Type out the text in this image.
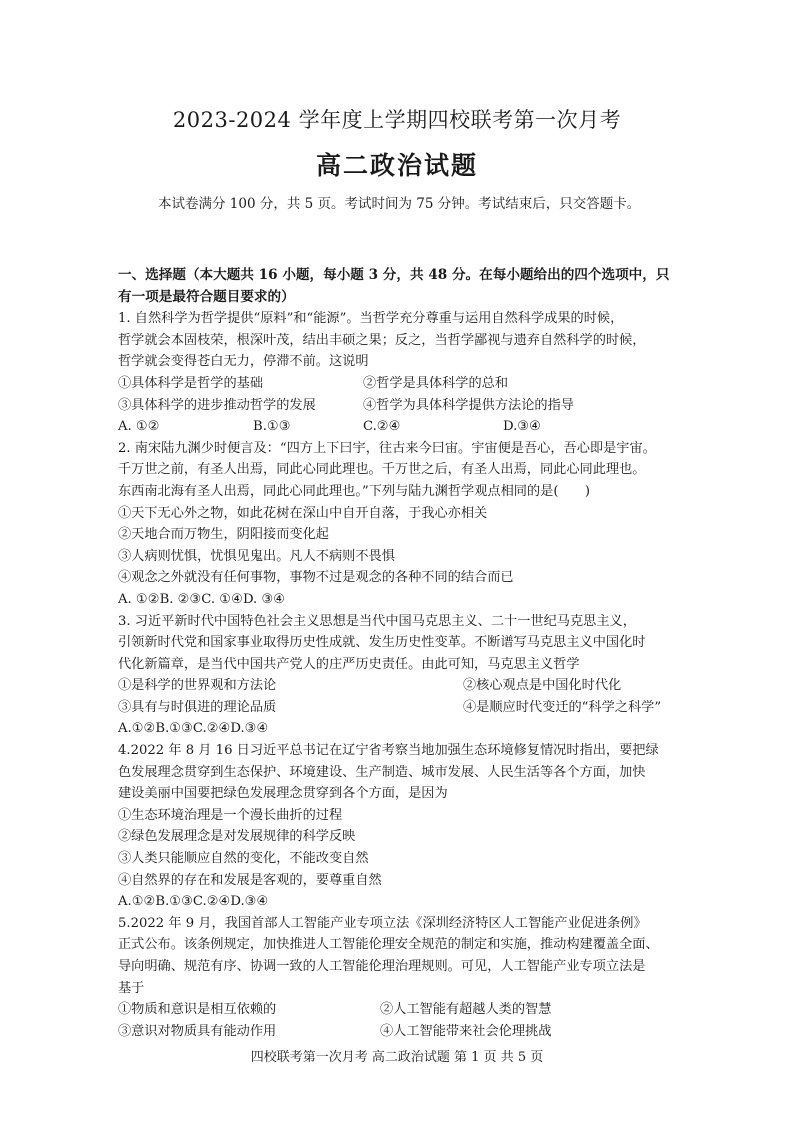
2023-2024 学年度上学期四校联考第一次月考
高二政治试题
本试卷满分 100 分，共 5 页。考试时间为 75 分钟。考试结束后，只交答题卡。
一、选择题（本大题共 16 小题，每小题 3 分，共 48 分。在每小题给出的四个选项中，只
有一项是最符合题目要求的）
1. 自然科学为哲学提供“原料”和“能源”。当哲学充分尊重与运用自然科学成果的时候，
哲学就会本固枝荣，根深叶茂，结出丰硕之果；反之，当哲学鄙视与遗弃自然科学的时候，
哲学就会变得苍白无力，停滞不前。这说明
①具体科学是哲学的基础	②哲学是具体科学的总和
③具体科学的进步推动哲学的发展	④哲学为具体科学提供方法论的指导
A. ①②	B.①③	C.②④	D.③④
2. 南宋陆九渊少时便言及：“四方上下曰宇，往古来今曰宙。宇宙便是吾心，吾心即是宇宙。
千万世之前，有圣人出焉，同此心同此理也。千万世之后，有圣人出焉，同此心同此理也。
东西南北海有圣人出焉，同此心同此理也。”下列与陆九渊哲学观点相同的是(　　)
①天下无心外之物，如此花树在深山中自开自落，于我心亦相关
②天地合而万物生，阴阳接而变化起
③人病则忧惧，忧惧见鬼出。凡人不病则不畏惧
④观念之外就没有任何事物，事物不过是观念的各种不同的结合而已
A. ①②B. ②③C. ①④D. ③④
3. 习近平新时代中国特色社会主义思想是当代中国马克思主义、二十一世纪马克思主义，
引领新时代党和国家事业取得历史性成就、发生历史性变革。不断谱写马克思主义中国化时
代化新篇章，是当代中国共产党人的庄严历史责任。由此可知，马克思主义哲学
①是科学的世界观和方法论	②核心观点是中国化时代化
③具有与时俱进的理论品质	④是顺应时代变迁的“科学之科学”
A.①②B.①③C.②④D.③④
4.2022 年 8 月 16 日习近平总书记在辽宁省考察当地加强生态环境修复情况时指出，要把绿
色发展理念贯穿到生态保护、环境建设、生产制造、城市发展、人民生活等各个方面，加快
建设美丽中国要把绿色发展理念贯穿到各个方面，是因为
①生态环境治理是一个漫长曲折的过程
②绿色发展理念是对发展规律的科学反映
③人类只能顺应自然的变化，不能改变自然
④自然界的存在和发展是客观的，要尊重自然
A.①②B.①③C.②④D.③④
5.2022 年 9 月，我国首部人工智能产业专项立法《深圳经济特区人工智能产业促进条例》
正式公布。该条例规定，加快推进人工智能伦理安全规范的制定和实施，推动构建覆盖全面、
导向明确、规范有序、协调一致的人工智能伦理治理规则。可见，人工智能产业专项立法是
基于
①物质和意识是相互依赖的	②人工智能有超越人类的智慧
③意识对物质具有能动作用	④人工智能带来社会伦理挑战
四校联考第一次月考 高二政治试题 第 1 页 共 5 页
